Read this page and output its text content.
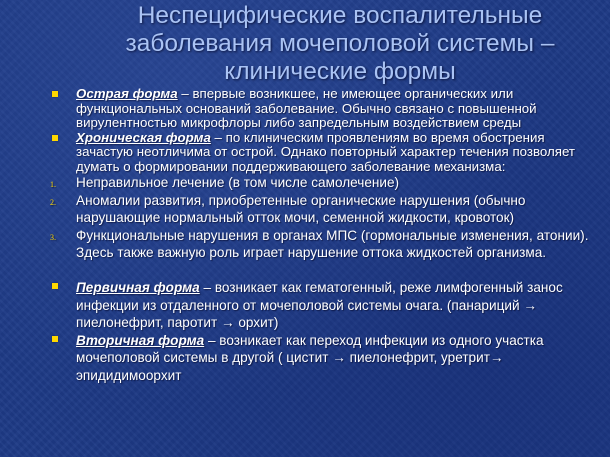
Неспецифические воспалительные заболевания мочеполовой системы – клинические формы
Острая форма – впервые возникшее, не имеющее органических или функциональных оснований заболевание. Обычно связано с повышенной вирулентностью микрофлоры либо запредельным воздействием среды
Хроническая форма – по клиническим проявлениям во время обострения зачастую неотличима от острой. Однако повторный характер течения позволяет думать о формировании поддерживающего заболевание механизма:
1. Неправильное лечение (в том числе самолечение)
2. Аномалии развития, приобретенные органические нарушения (обычно нарушающие нормальный отток мочи, семенной жидкости, кровоток)
3. Функциональные нарушения в органах МПС (гормональные изменения, атонии). Здесь также важную роль играет нарушение оттока жидкостей организма.
Первичная форма – возникает как гематогенный, реже лимфогенный занос инфекции из отдаленного от мочеполовой системы очага. (панариций → пиелонефрит, паротит → орхит)
Вторичная форма – возникает как переход инфекции из одного участка мочеполовой системы в другой ( цистит → пиелонефрит, уретрит→ эпидидимоорхит
